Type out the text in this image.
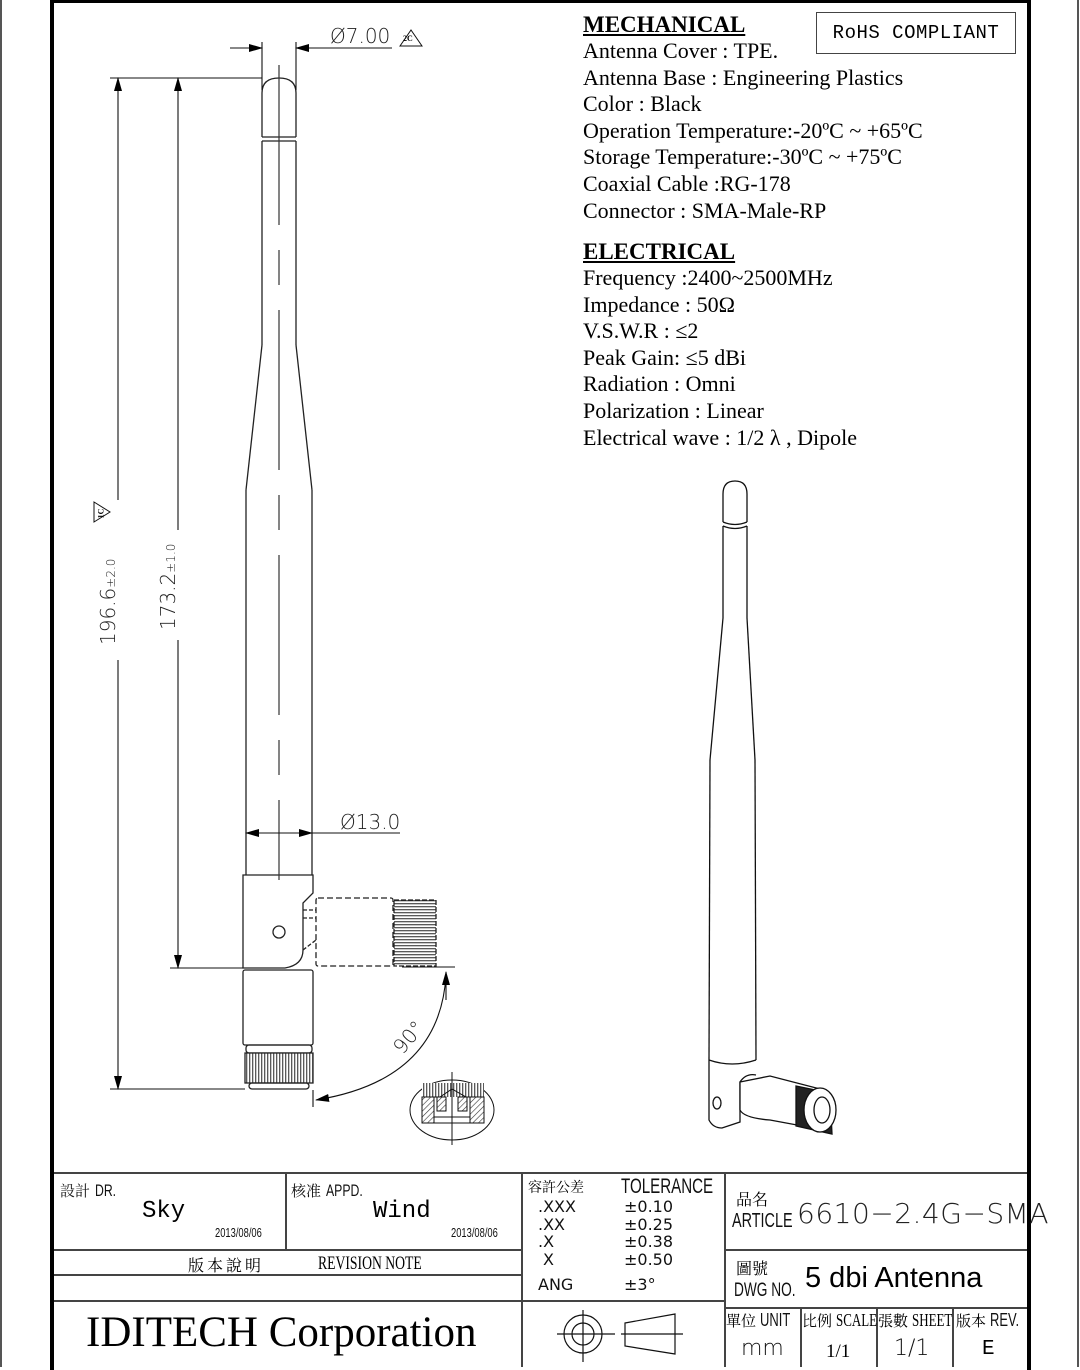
Ø7.00 2C
Ø13.0
196.6±2.0
1C
173.2±1.0
90°
MECHANICAL
Antenna Cover : TPE.
Antenna Base : Engineering Plastics
Color : Black
Operation Temperature:-20ºC ~ +65ºC
Storage Temperature:-30ºC ~ +75ºC
Coaxial Cable :RG-178
Connector : SMA-Male-RP
RoHS COMPLIANT
ELECTRICAL
Frequency :2400~2500MHz
Impedance : 50Ω
V.S.W.R : ≤2
Peak Gain: ≤5 dBi
Radiation : Omni
Polarization : Linear
Electrical wave : 1/2 λ , Dipole
設計 DR.
Sky
2013/08/06
核准 APPD.
Wind
2013/08/06
版本說明	REVISION NOTE
IDITECH Corporation
容許公差 TOLERANCE
.XXX
.XX
.X
X
ANG
±0.10
±0.25
±0.38
±0.50
±3°
品名
ARTICLE 6610−2.4G−SMA
圖號
DWG NO. 5 dbi Antenna
單位 UNIT
mm
比例 SCALE
1/1
張數 SHEET
1/1
版本 REV.
E
